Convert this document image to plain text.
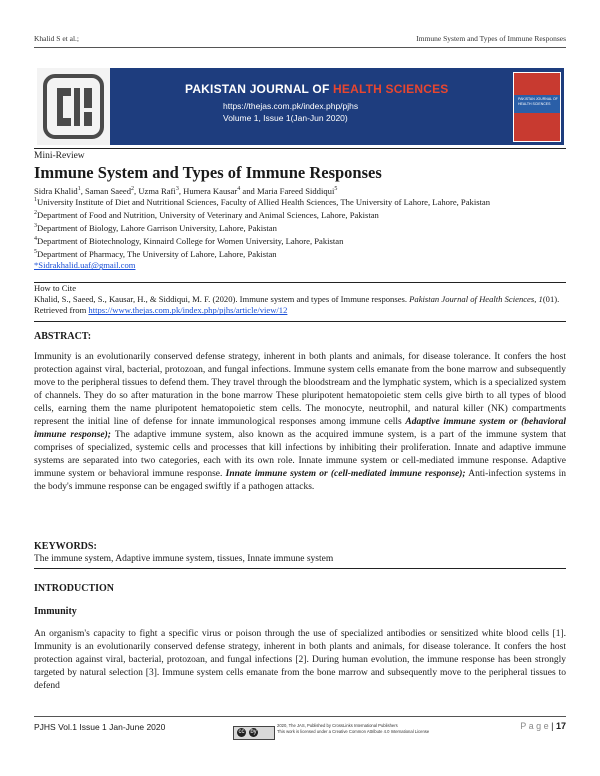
Khalid S et al.;	Immune System and Types of Immune Responses
PAKISTAN JOURNAL OF HEALTH SCIENCES
https://thejas.com.pk/index.php/pjhs
Volume 1, Issue 1(Jan-Jun 2020)
PAKISTAN JOURNAL OF HEALTH SCIENCES
Mini-Review
Immune System and Types of Immune Responses
Sidra Khalid$^1$, Saman Saeed$^2$, Uzma Rafi$^3$, Humera Kausar$^4$ and Maria Fareed Siddiqui$^5$
$^1$University Institute of Diet and Nutritional Sciences, Faculty of Allied Health Sciences, The University of Lahore, Lahore, Pakistan
$^2$Department of Food and Nutrition, University of Veterinary and Animal Sciences, Lahore, Pakistan
$^3$Department of Biology, Lahore Garrison University, Lahore, Pakistan
$^4$Department of Biotechnology, Kinnaird College for Women University, Lahore, Pakistan
$^5$Department of Pharmacy, The University of Lahore, Lahore, Pakistan
*Sidrakhalid.uaf@gmail.com
How to Cite
Khalid, S., Saeed, S., Kausar, H., & Siddiqui, M. F. (2020). Immune system and types of Immune responses. Pakistan Journal of Health Sciences, 1(01). Retrieved from https://www.thejas.com.pk/index.php/pjhs/article/view/12
ABSTRACT:
Immunity is an evolutionarily conserved defense strategy, inherent in both plants and animals, for disease tolerance. It confers the host protection against viral, bacterial, protozoan, and fungal infections. Immune system cells emanate from the bone marrow and subsequently move to the peripheral tissues to defend them. They travel through the bloodstream and the lymphatic system, which is a specialized system of channels. They do so after maturation in the bone marrow These pluripotent hematopoietic stem cells give birth to all types of blood cells, earning them the name pluripotent hematopoietic stem cells. The monocyte, neutrophil, and natural killer (NK) compartments represent the initial line of defense for innate immunological responses among immune cells Adaptive immune system or (behavioral immune response); The adaptive immune system, also known as the acquired immune system, is a part of the immune system that comprises of specialized, systemic cells and processes that kill infections by inhibiting their proliferation. Innate and adaptive immune systems are separated into two categories, each with its own role. Innate immune system or cell-mediated immune response. Adaptive immune system or behavioral immune response. Innate immune system or (cell-mediated immune response); Anti-infection systems in the body's immune response can be engaged swiftly if a pathogen attacks.
KEYWORDS:
The immune system, Adaptive immune system, tissues, Innate immune system
INTRODUCTION
Immunity
An organism's capacity to fight a specific virus or poison through the use of specialized antibodies or sensitized white blood cells [1]. Immunity is an evolutionarily conserved defense strategy, inherent in both plants and animals, for disease tolerance. It confers the host protection against viral, bacterial, protozoan, and fungal infections [2]. During human evolution, the immune response has been strongly targeted by natural selection [3]. Immune system cells emanate from the bone marrow and subsequently move to the peripheral tissues to defend
PJHS Vol.1 Issue 1 Jan-June 2020	cc by
2020, The JAS, Published by CrossLinks International Publishers
This work is licensed under a Creative Common Attribute 4.0 International License
P a g e | 17
